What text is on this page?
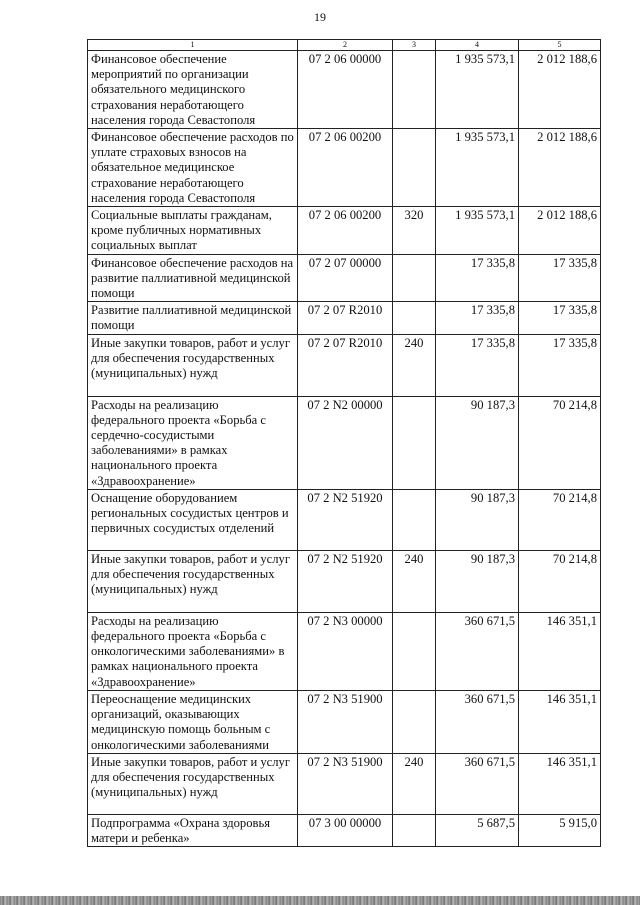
19
1	2	3	4	5
Финансовое обеспечение мероприятий по организации обязательного медицинского страхования неработающего населения города Севастополя	07 2 06 00000		1 935 573,1	2 012 188,6
Финансовое обеспечение расходов по уплате страховых взносов на обязательное медицинское страхование неработающего населения города Севастополя	07 2 06 00200		1 935 573,1	2 012 188,6
Социальные выплаты гражданам, кроме публичных нормативных социальных выплат	07 2 06 00200	320	1 935 573,1	2 012 188,6
Финансовое обеспечение расходов на развитие паллиативной медицинской помощи	07 2 07 00000		17 335,8	17 335,8
Развитие паллиативной медицинской помощи	07 2 07 R2010		17 335,8	17 335,8
Иные закупки товаров, работ и услуг для обеспечения государственных (муниципальных) нужд	07 2 07 R2010	240	17 335,8	17 335,8
Расходы на реализацию федерального проекта «Борьба с сердечно-сосудистыми заболеваниями» в рамках национального проекта «Здравоохранение»	07 2 N2 00000		90 187,3	70 214,8
Оснащение оборудованием региональных сосудистых центров и первичных сосудистых отделений	07 2 N2 51920		90 187,3	70 214,8
Иные закупки товаров, работ и услуг для обеспечения государственных (муниципальных) нужд	07 2 N2 51920	240	90 187,3	70 214,8
Расходы на реализацию федерального проекта «Борьба с онкологическими заболеваниями» в рамках национального проекта «Здравоохранение»	07 2 N3 00000		360 671,5	146 351,1
Переоснащение медицинских организаций, оказывающих медицинскую помощь больным с онкологическими заболеваниями	07 2 N3 51900		360 671,5	146 351,1
Иные закупки товаров, работ и услуг для обеспечения государственных (муниципальных) нужд	07 2 N3 51900	240	360 671,5	146 351,1
Подпрограмма «Охрана здоровья матери и ребенка»	07 3 00 00000		5 687,5	5 915,0
